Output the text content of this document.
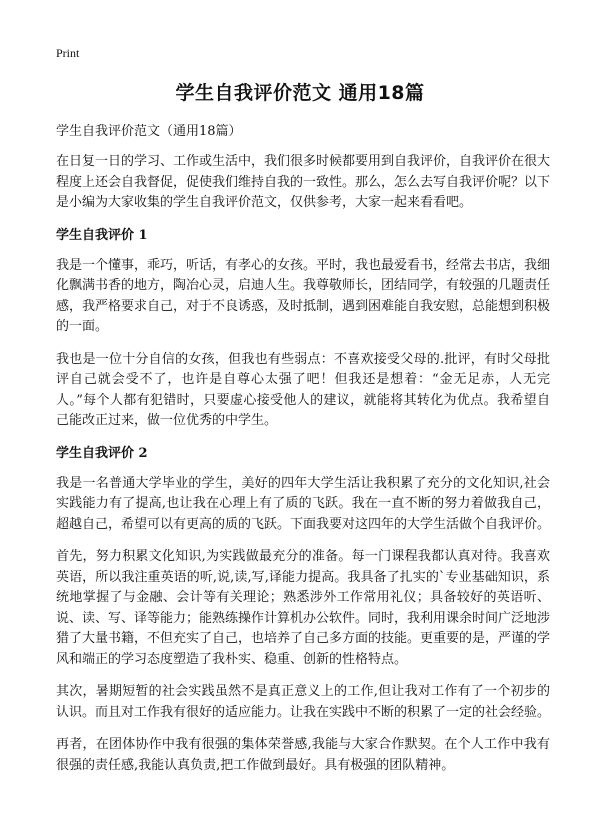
Print
学生自我评价范文 通用18篇
学生自我评价范文（通用18篇）
在日复一日的学习、工作或生活中，我们很多时候都要用到自我评价，自我评价在很大程度上还会自我督促，促使我们维持自我的一致性。那么，怎么去写自我评价呢？以下是小编为大家收集的学生自我评价范文，仅供参考，大家一起来看看吧。
学生自我评价 1
我是一个懂事，乖巧，听话，有孝心的女孩。平时，我也最爱看书，经常去书店，我细化飘满书香的地方，陶冶心灵，启迪人生。我尊敬师长，团结同学，有较强的几题责任感，我严格要求自己，对于不良诱惑，及时抵制，遇到困难能自我安慰，总能想到积极的一面。
我也是一位十分自信的女孩，但我也有些弱点：不喜欢接受父母的.批评，有时父母批评自己就会受不了，也许是自尊心太强了吧！但我还是想着：“金无足赤，人无完人。”每个人都有犯错时，只要虚心接受他人的建议，就能将其转化为优点。我希望自己能改正过来，做一位优秀的中学生。
学生自我评价 2
我是一名普通大学毕业的学生，美好的四年大学生活让我积累了充分的文化知识,社会实践能力有了提高,也让我在心理上有了质的飞跃。我在一直不断的努力着做我自己，超越自己，希望可以有更高的质的飞跃。下面我要对这四年的大学生活做个自我评价。
首先，努力积累文化知识,为实践做最充分的准备。每一门课程我都认真对待。我喜欢英语，所以我注重英语的听,说,读,写,译能力提高。我具备了扎实的`专业基础知识，系统地掌握了与金融、会计等有关理论；熟悉涉外工作常用礼仪；具备较好的英语听、说、读、写、译等能力；能熟练操作计算机办公软件。同时，我利用课余时间广泛地涉猎了大量书籍，不但充实了自己，也培养了自己多方面的技能。更重要的是，严谨的学风和端正的学习态度塑造了我朴实、稳重、创新的性格特点。
其次，暑期短暂的社会实践虽然不是真正意义上的工作,但让我对工作有了一个初步的认识。而且对工作我有很好的适应能力。让我在实践中不断的积累了一定的社会经验。
再者，在团体协作中我有很强的集体荣誉感,我能与大家合作默契。在个人工作中我有很强的责任感,我能认真负责,把工作做到最好。具有极强的团队精神。
